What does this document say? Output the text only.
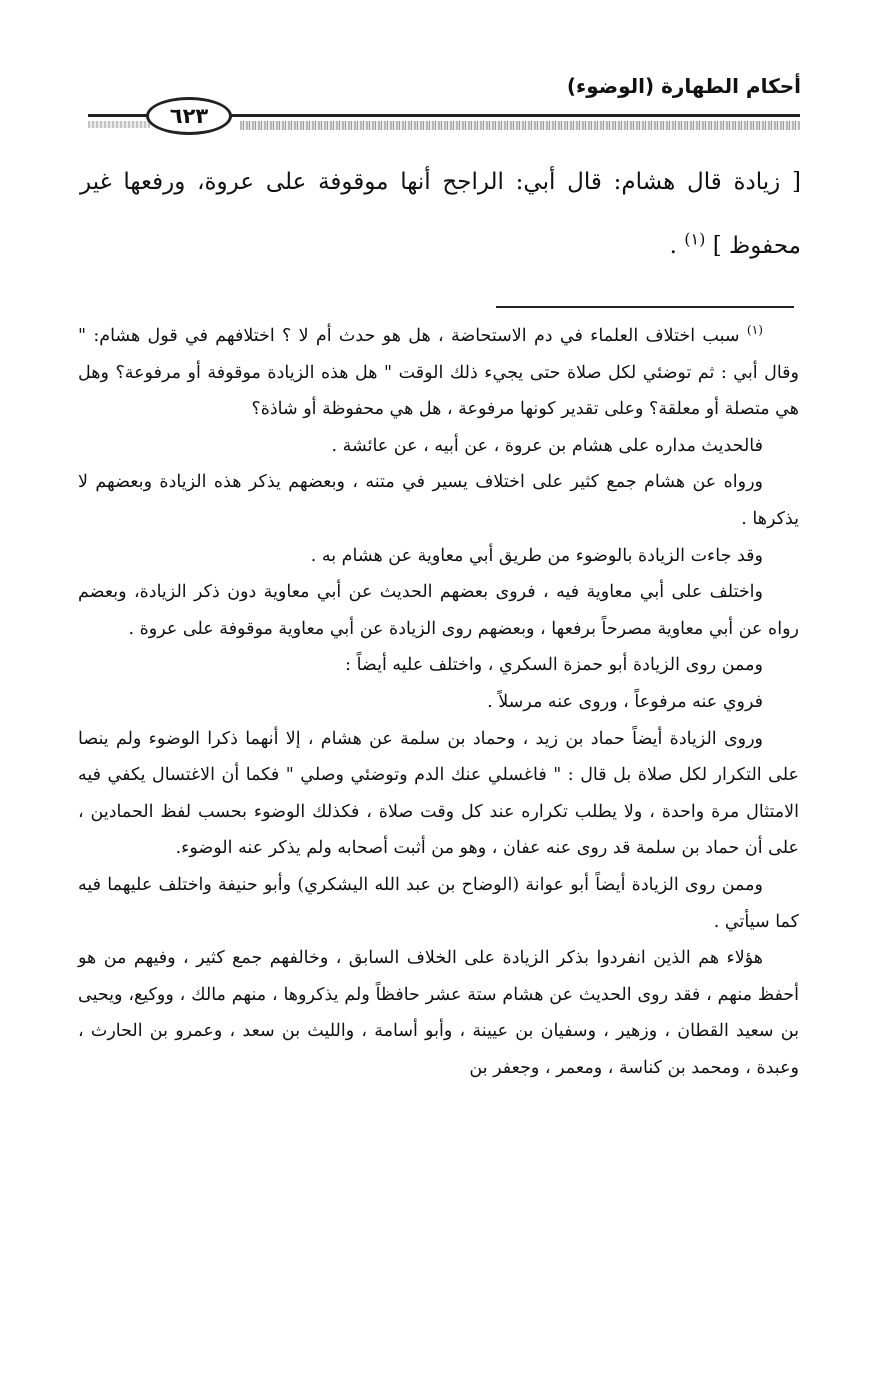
أحكام الطهارة (الوضوء)
٦٢٣

[ زيادة قال هشام: قال أبي: الراجح أنها موقوفة على عروة، ورفعها غير محفوظ ] $^{(١)}$ .

$^{(١)}$ سبب اختلاف العلماء في دم الاستحاضة ، هل هو حدث أم لا ؟ اختلافهم في قول هشام: " وقال أبي : ثم توضئي لكل صلاة حتى يجيء ذلك الوقت " هل هذه الزيادة موقوفة أو مرفوعة؟ وهل هي متصلة أو معلقة؟ وعلى تقدير كونها مرفوعة ، هل هي محفوظة أو شاذة؟

فالحديث مداره على هشام بن عروة ، عن أبيه ، عن عائشة .

ورواه عن هشام جمع كثير على اختلاف يسير في متنه ، وبعضهم يذكر هذه الزيادة وبعضهم لا يذكرها .

وقد جاءت الزيادة بالوضوء من طريق أبي معاوية عن هشام به .

واختلف على أبي معاوية فيه ، فروى بعضهم الحديث عن أبي معاوية دون ذكر الزيادة، وبعضم رواه عن أبي معاوية مصرحاً برفعها ، وبعضهم روى الزيادة عن أبي معاوية موقوفة على عروة .

وممن روى الزيادة أبو حمزة السكري ، واختلف عليه أيضاً :

فروي عنه مرفوعاً ، وروى عنه مرسلاً .

وروى الزيادة أيضاً حماد بن زيد ، وحماد بن سلمة عن هشام ، إلا أنهما ذكرا الوضوء ولم ينصا على التكرار لكل صلاة بل قال : " فاغسلي عنك الدم وتوضئي وصلي " فكما أن الاغتسال يكفي فيه الامتثال مرة واحدة ، ولا يطلب تكراره عند كل وقت صلاة ، فكذلك الوضوء بحسب لفظ الحمادين ، على أن حماد بن سلمة قد روى عنه عفان ، وهو من أثبت أصحابه ولم يذكر عنه الوضوء.

وممن روى الزيادة أيضاً أبو عوانة (الوضاح بن عبد الله اليشكري) وأبو حنيفة واختلف عليهما فيه كما سيأتي .

هؤلاء هم الذين انفردوا بذكر الزيادة على الخلاف السابق ، وخالفهم جمع كثير ، وفيهم من هو أحفظ منهم ، فقد روى الحديث عن هشام ستة عشر حافظاً ولم يذكروها ، منهم مالك ، ووكيع، ويحيى بن سعيد القطان ، وزهير ، وسفيان بن عيينة ، وأبو أسامة ، والليث بن سعد ، وعمرو بن الحارث ، وعبدة ، ومحمد بن كناسة ، ومعمر ، وجعفر بن
